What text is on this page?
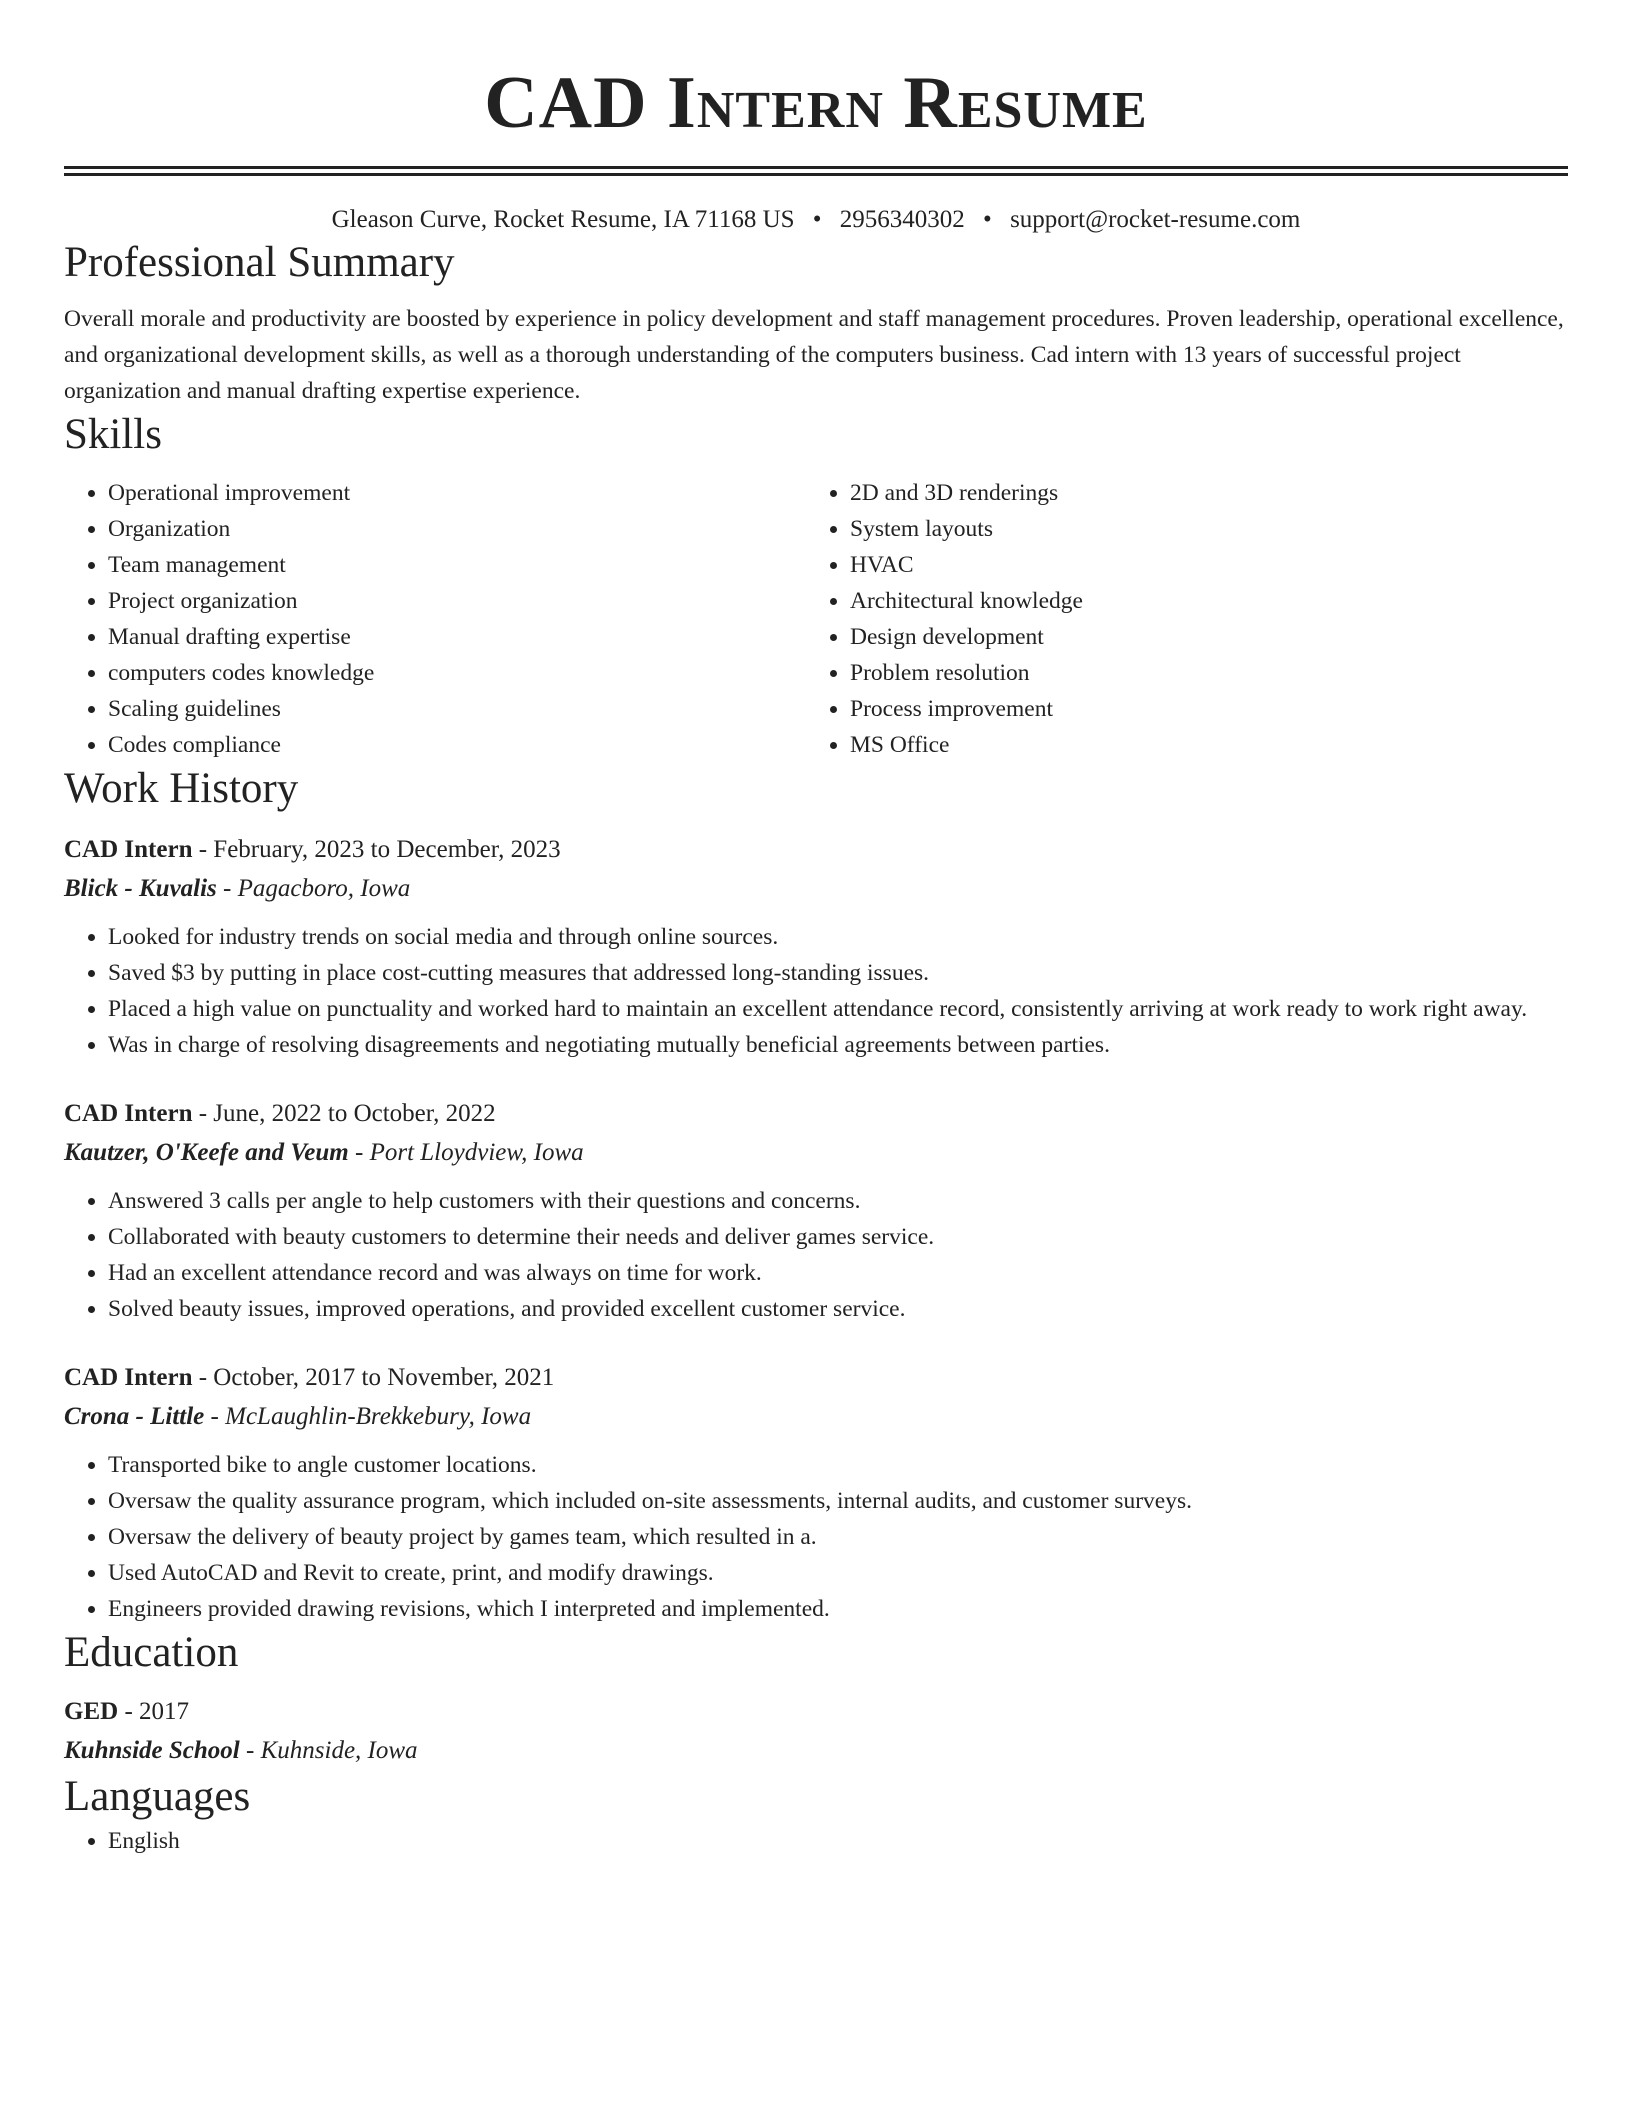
CAD Intern Resume
Gleason Curve, Rocket Resume, IA 71168 US • 2956340302 • support@rocket-resume.com
Professional Summary
Overall morale and productivity are boosted by experience in policy development and staff management procedures. Proven leadership, operational excellence, and organizational development skills, as well as a thorough understanding of the computers business. Cad intern with 13 years of successful project organization and manual drafting expertise experience.
Skills
• Operational improvement
• Organization
• Team management
• Project organization
• Manual drafting expertise
• computers codes knowledge
• Scaling guidelines
• Codes compliance
• 2D and 3D renderings
• System layouts
• HVAC
• Architectural knowledge
• Design development
• Problem resolution
• Process improvement
• MS Office
Work History
CAD Intern - February, 2023 to December, 2023
Blick - Kuvalis - Pagacboro, Iowa
• Looked for industry trends on social media and through online sources.
• Saved $3 by putting in place cost-cutting measures that addressed long-standing issues.
• Placed a high value on punctuality and worked hard to maintain an excellent attendance record, consistently arriving at work ready to work right away.
• Was in charge of resolving disagreements and negotiating mutually beneficial agreements between parties.
CAD Intern - June, 2022 to October, 2022
Kautzer, O'Keefe and Veum - Port Lloydview, Iowa
• Answered 3 calls per angle to help customers with their questions and concerns.
• Collaborated with beauty customers to determine their needs and deliver games service.
• Had an excellent attendance record and was always on time for work.
• Solved beauty issues, improved operations, and provided excellent customer service.
CAD Intern - October, 2017 to November, 2021
Crona - Little - McLaughlin-Brekkebury, Iowa
• Transported bike to angle customer locations.
• Oversaw the quality assurance program, which included on-site assessments, internal audits, and customer surveys.
• Oversaw the delivery of beauty project by games team, which resulted in a.
• Used AutoCAD and Revit to create, print, and modify drawings.
• Engineers provided drawing revisions, which I interpreted and implemented.
Education
GED - 2017
Kuhnside School - Kuhnside, Iowa
Languages
• English
